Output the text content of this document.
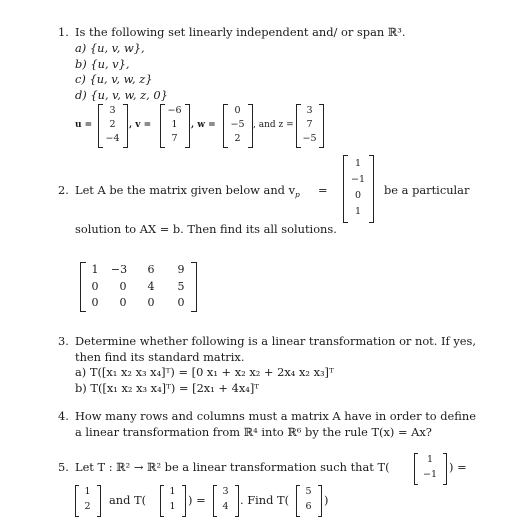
1. Is the following set linearly independent and/ or span ℝ³.
a) {u, v, w},
b) {u, v},
c) {u, v, w, z}
d) {u, v, w, z, 0}
u =
3
2
−4
, v =
−6
1
7
, w =
0
−5
2
, and z =
3
7
−5
2. Let A be the matrix given below and $v_p$ =
1
−1
0
1
be a particular
solution to AX = b. Then find its all solutions.
1	−3	6	9
0	0	4	5
0	0	0	0
3. Determine whether following is a linear transformation or not. If yes,
then find its standard matrix.
a) T([x₁ x₂ x₃ x₄]ᵀ) = [0 x₁ + x₂ x₂ + 2x₄ x₂ x₃]ᵀ
b) T([x₁ x₂ x₃ x₄]ᵀ) = [2x₁ + 4x₄]ᵀ
4. How many rows and columns must a matrix A have in order to define
a linear transformation from ℝ⁴ into ℝ⁶ by the rule T(x) = Ax?
5. Let T : ℝ² → ℝ² be a linear transformation such that T(
1
−1
) =
1
2	and T(
1
1	) =
3
4	. Find T(
5
6	)
